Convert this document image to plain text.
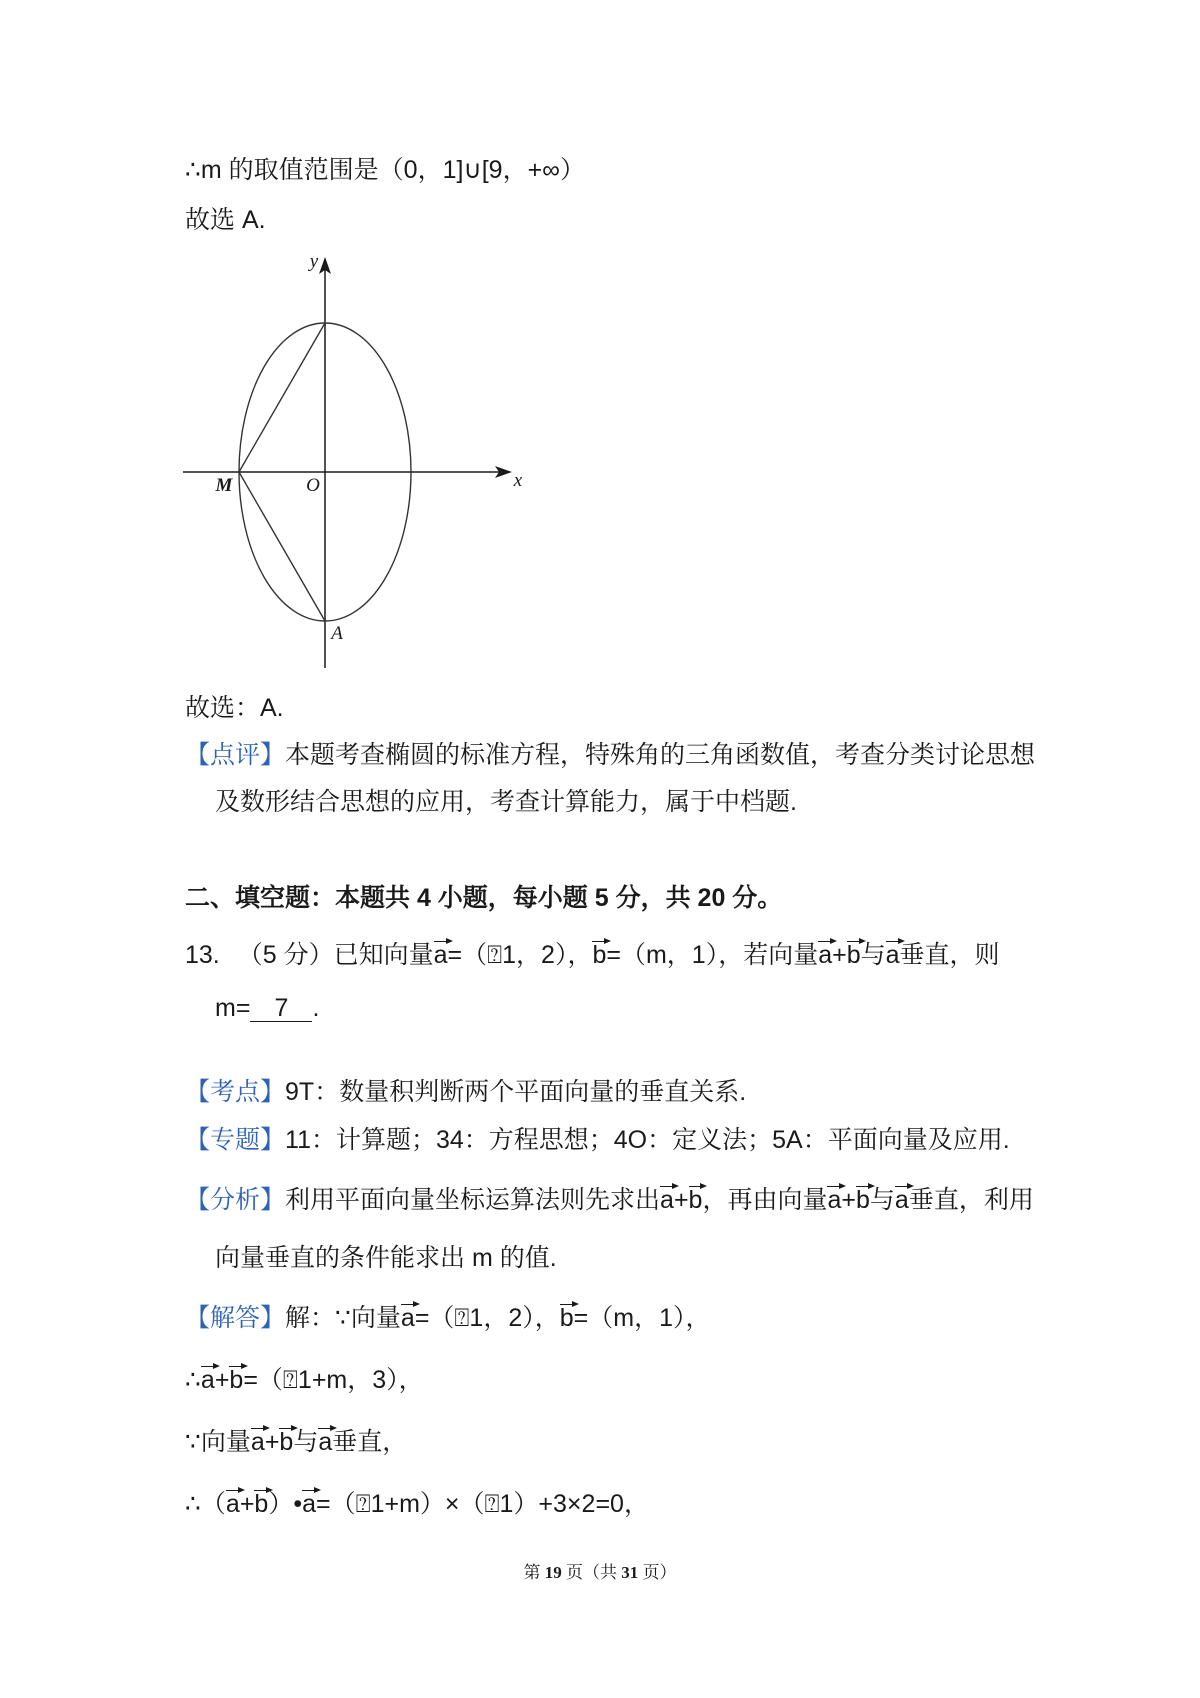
∴m 的取值范围是（0，1]∪[9，+∞）
故选 A.
y
x
M	O
A
故选：A.
【点评】本题考查椭圆的标准方程，特殊角的三角函数值，考查分类讨论思想
及数形结合思想的应用，考查计算能力，属于中档题.
二、填空题：本题共 4 小题，每小题 5 分，共 20 分。
13. （5 分）已知向量a=（⍰1，2），b=（m，1），若向量a+b与a垂直，则
m= 7 .
【考点】9T：数量积判断两个平面向量的垂直关系.
【专题】11：计算题；34：方程思想；4O：定义法；5A：平面向量及应用.
【分析】利用平面向量坐标运算法则先求出a+b，再由向量a+b与a垂直，利用
向量垂直的条件能求出 m 的值.
【解答】解：∵向量a=（⍰1，2），b=（m，1），
∴a+b=（⍰1+m，3），
∵向量a+b与a垂直，
∴（a+b）•a=（⍰1+m）×（⍰1）+3×2=0，
第 19 页（共 31 页）
